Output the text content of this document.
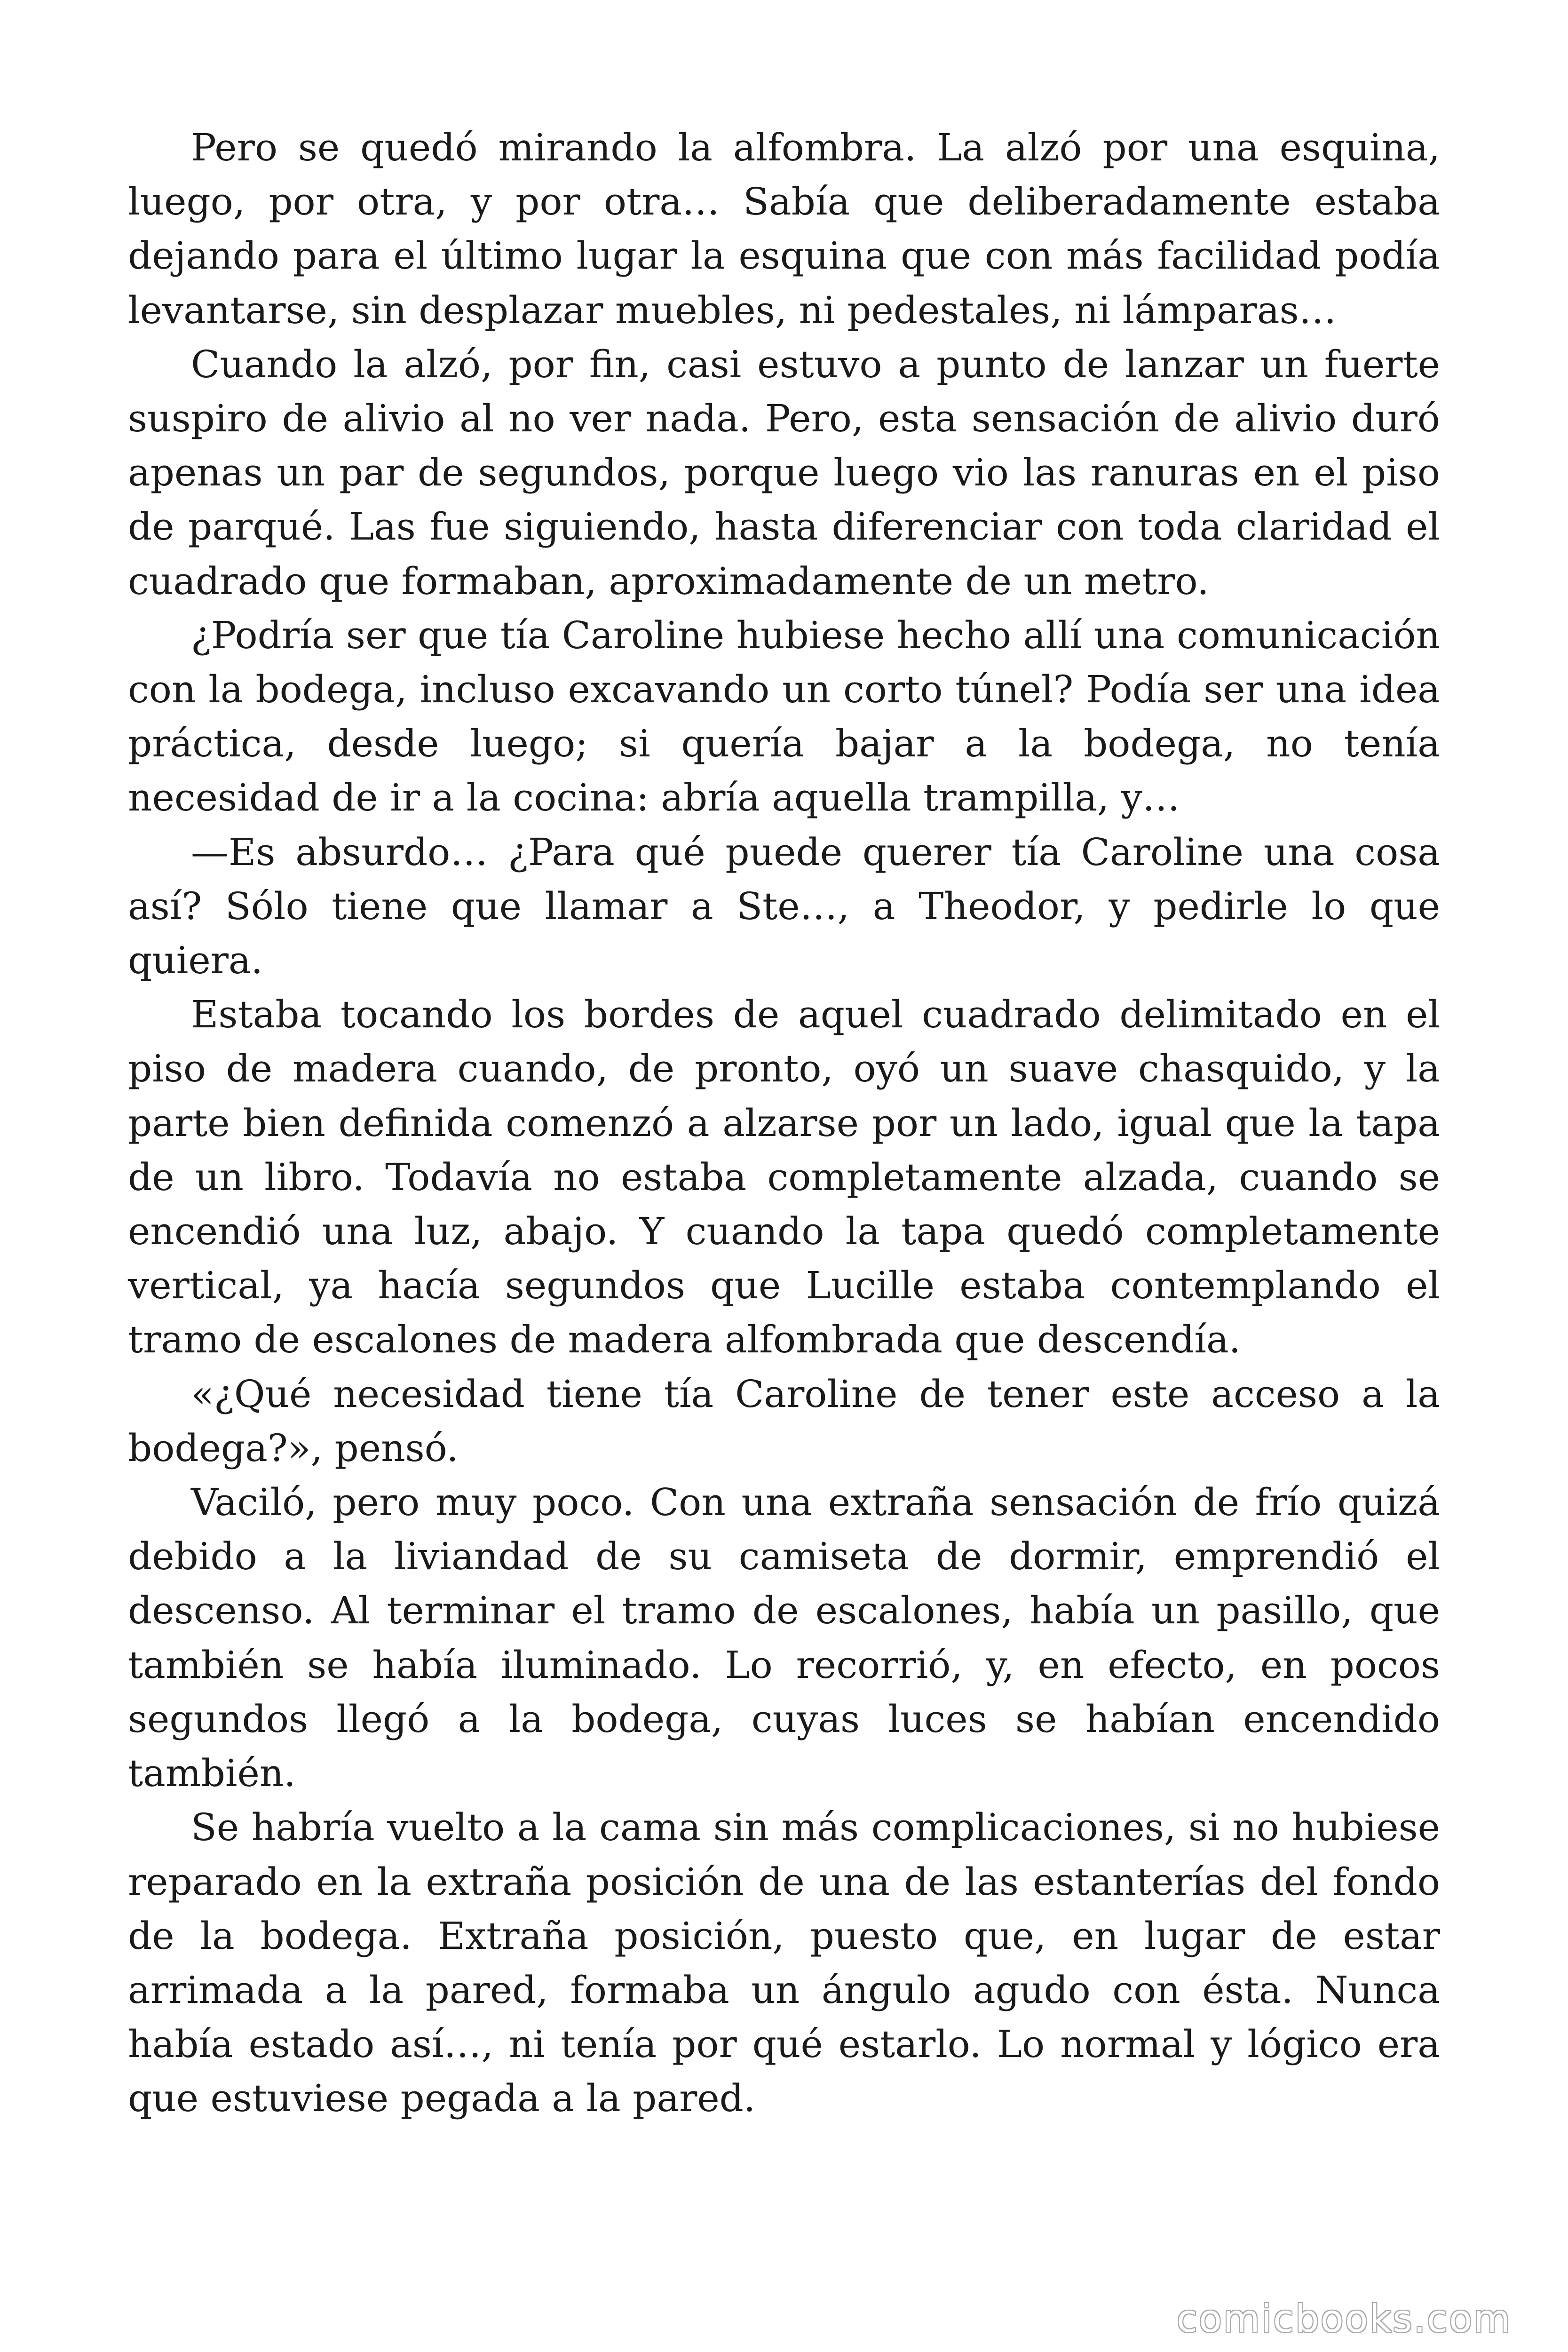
Pero se quedó mirando la alfombra. La alzó por una esquina, luego, por otra, y por otra… Sabía que deliberadamente estaba dejando para el último lugar la esquina que con más facilidad podía levantarse, sin desplazar muebles, ni pedestales, ni lámparas…

Cuando la alzó, por fin, casi estuvo a punto de lanzar un fuerte suspiro de alivio al no ver nada. Pero, esta sensación de alivio duró apenas un par de segundos, porque luego vio las ranuras en el piso de parqué. Las fue siguiendo, hasta diferenciar con toda claridad el cuadrado que formaban, aproximadamente de un metro.

¿Podría ser que tía Caroline hubiese hecho allí una comunicación con la bodega, incluso excavando un corto túnel? Podía ser una idea práctica, desde luego; si quería bajar a la bodega, no tenía necesidad de ir a la cocina: abría aquella trampilla, y…

—Es absurdo… ¿Para qué puede querer tía Caroline una cosa así? Sólo tiene que llamar a Ste…, a Theodor, y pedirle lo que quiera.

Estaba tocando los bordes de aquel cuadrado delimitado en el piso de madera cuando, de pronto, oyó un suave chasquido, y la parte bien definida comenzó a alzarse por un lado, igual que la tapa de un libro. Todavía no estaba completamente alzada, cuando se encendió una luz, abajo. Y cuando la tapa quedó completamente vertical, ya hacía segundos que Lucille estaba contemplando el tramo de escalones de madera alfombrada que descendía.

«¿Qué necesidad tiene tía Caroline de tener este acceso a la bodega?», pensó.

Vaciló, pero muy poco. Con una extraña sensación de frío quizá debido a la liviandad de su camiseta de dormir, emprendió el descenso. Al terminar el tramo de escalones, había un pasillo, que también se había iluminado. Lo recorrió, y, en efecto, en pocos segundos llegó a la bodega, cuyas luces se habían encendido también.

Se habría vuelto a la cama sin más complicaciones, si no hubiese reparado en la extraña posición de una de las estanterías del fondo de la bodega. Extraña posición, puesto que, en lugar de estar arrimada a la pared, formaba un ángulo agudo con ésta. Nunca había estado así…, ni tenía por qué estarlo. Lo normal y lógico era que estuviese pegada a la pared.

comicbooks.com
